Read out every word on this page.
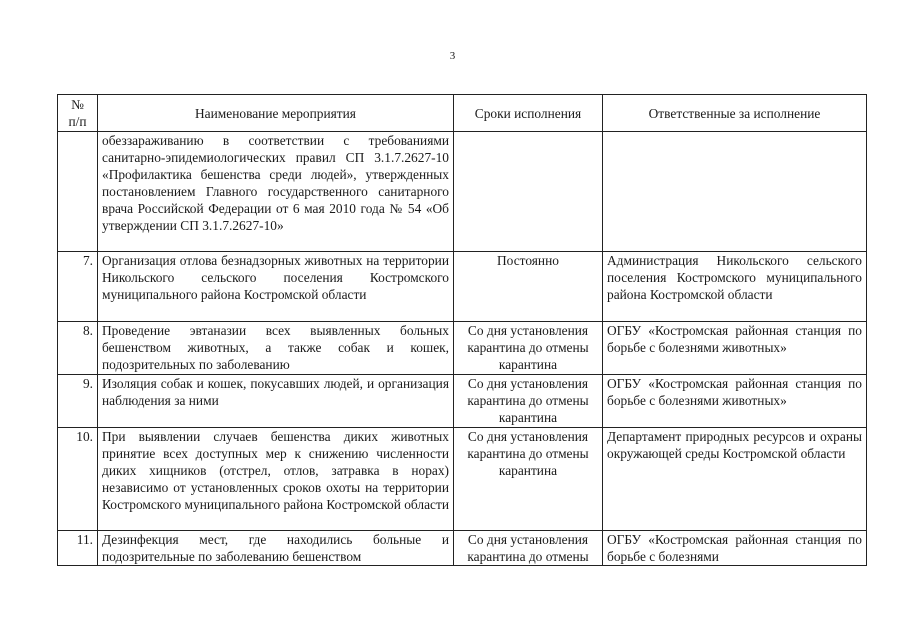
3
№
п/п	Наименование мероприятия	Сроки исполнения	Ответственные за исполнение
	обеззараживанию в соответствии с требованиями санитарно-эпидемиологических правил СП 3.1.7.2627-10 «Профилактика бешенства среди людей», утвержденных постановлением Главного государственного санитарного врача Российской Федерации от 6 мая 2010 года № 54 «Об утверждении СП 3.1.7.2627-10»		
7.	Организация отлова безнадзорных животных на территории Никольского сельского поселения Костромского муниципального района Костромской области	Постоянно	Администрация Никольского сельского поселения Костромского муниципального района Костромской области
8.	Проведение эвтаназии всех выявленных больных бешенством животных, а также собак и кошек, подозрительных по заболеванию	Со дня установления карантина до отмены карантина	ОГБУ «Костромская районная станция по борьбе с болезнями животных»
9.	Изоляция собак и кошек, покусавших людей, и организация наблюдения за ними	Со дня установления карантина до отмены карантина	ОГБУ «Костромская районная станция по борьбе с болезнями животных»
10.	При выявлении случаев бешенства диких животных принятие всех доступных мер к снижению численности диких хищников (отстрел, отлов, затравка в норах) независимо от установленных сроков охоты на территории Костромского муниципального района Костромской области	Со дня установления карантина до отмены карантина	Департамент природных ресурсов и охраны окружающей среды Костромской области
11.	Дезинфекция мест, где находились больные и подозрительные по заболеванию бешенством	Со дня установления карантина до отмены	ОГБУ «Костромская районная станция по борьбе с болезнями
